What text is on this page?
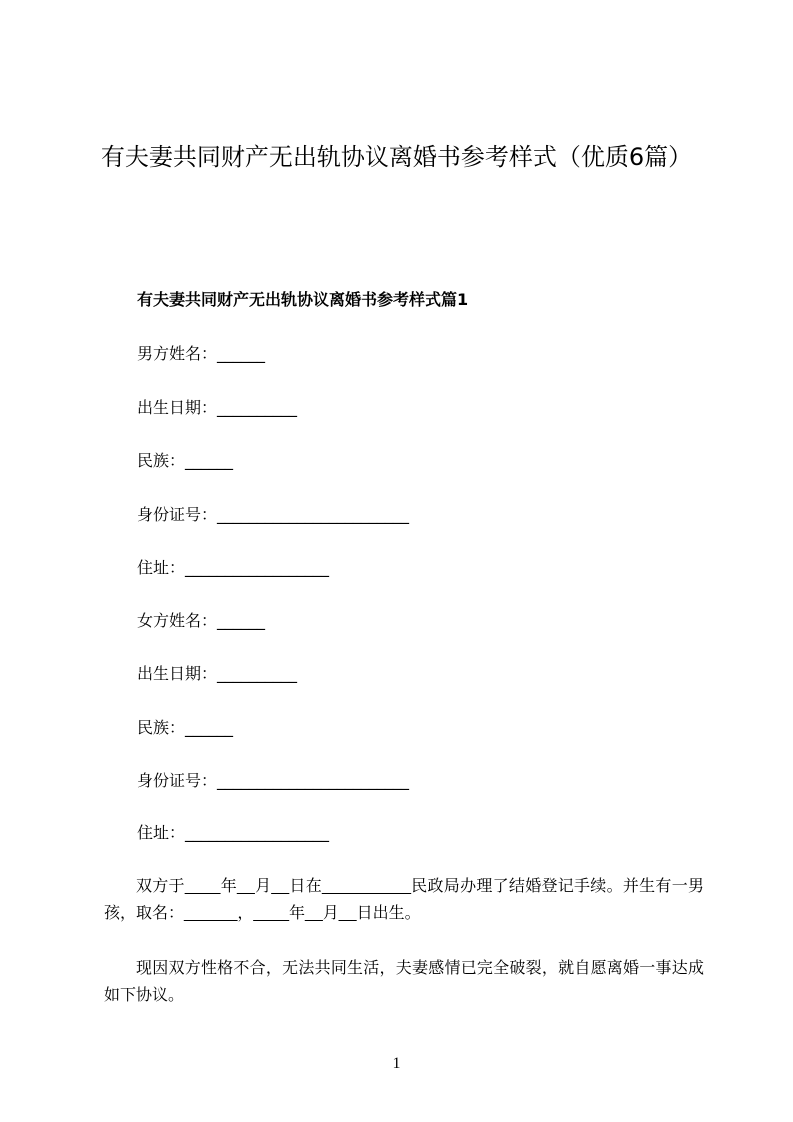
有夫妻共同财产无出轨协议离婚书参考样式（优质6篇）
有夫妻共同财产无出轨协议离婚书参考样式篇1
男方姓名：______
出生日期：__________
民族：______
身份证号：________________________
住址：__________________
女方姓名：______
出生日期：__________
民族：______
身份证号：________________________
住址：__________________
双方于____年__月__日在__________民政局办理了结婚登记手续。并生有一男孩，取名：______，____年__月__日出生。
现因双方性格不合，无法共同生活，夫妻感情已完全破裂，就自愿离婚一事达成如下协议。
1
